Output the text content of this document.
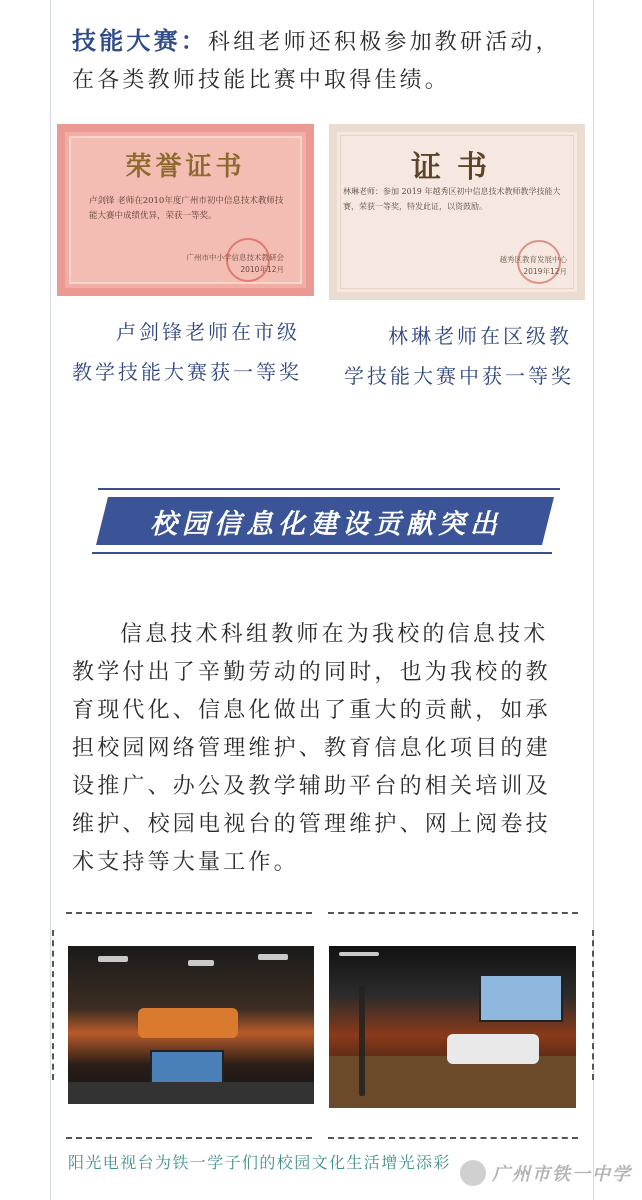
技能大赛：科组老师还积极参加教研活动，在各类教师技能比赛中取得佳绩。

荣誉证书
卢剑锋 老师在2010年度广州市初中信息技术教师技能大赛中成绩优异，荣获一等奖。
广州市中小学信息技术教研会
2010年12月
证书
林琳老师：参加 2019 年越秀区初中信息技术教师教学技能大赛，荣获一等奖，特发此证，以资鼓励。
越秀区教育发展中心
2019年12月
卢剑锋老师在市级教学技能大赛获一等奖
林琳老师在区级教学技能大赛中获一等奖
校园信息化建设贡献突出

信息技术科组教师在为我校的信息技术教学付出了辛勤劳动的同时，也为我校的教育现代化、信息化做出了重大的贡献，如承担校园网络管理维护、教育信息化项目的建设推广、办公及教学辅助平台的相关培训及维护、校园电视台的管理维护、网上阅卷技术支持等大量工作。

阳光电视台为铁一学子们的校园文化生活增光添彩
广州市铁一中学
